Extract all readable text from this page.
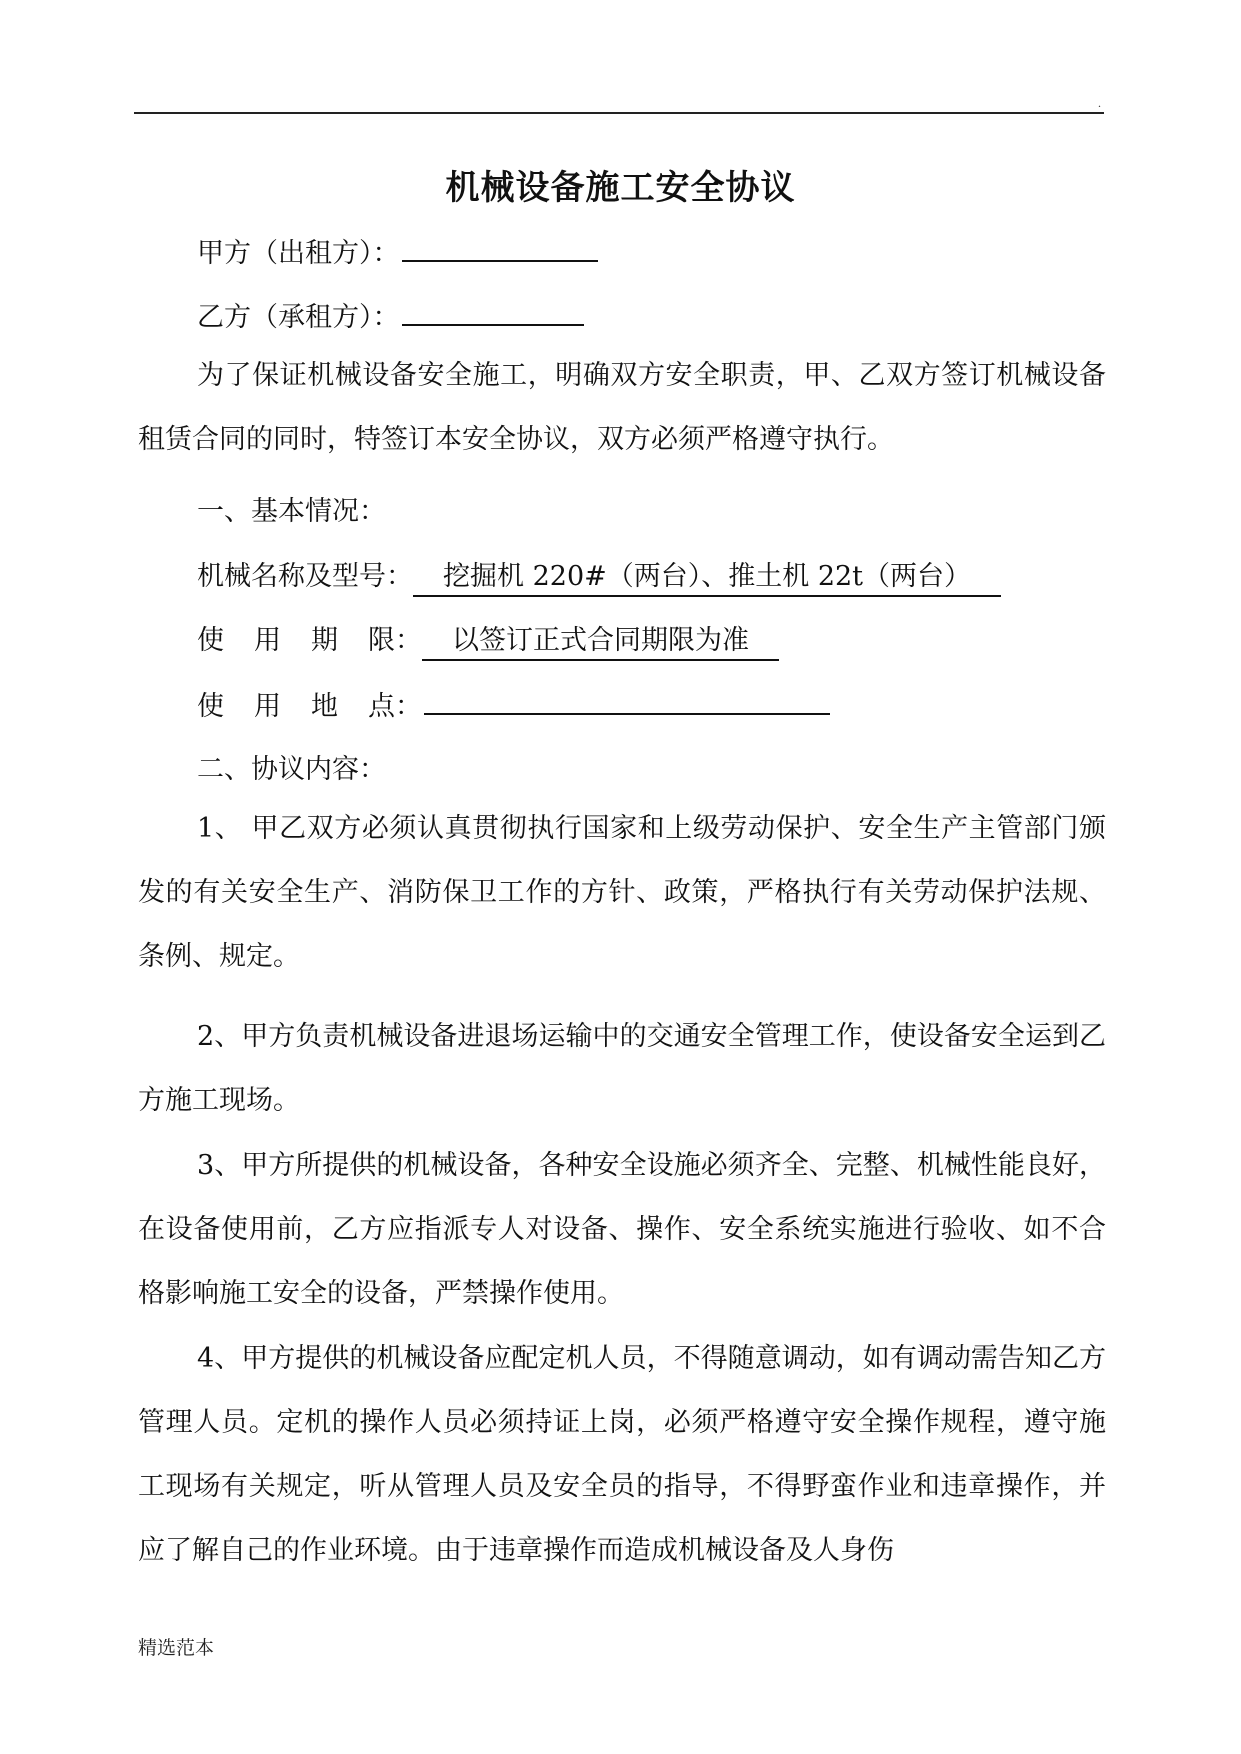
.
机械设备施工安全协议
甲方（出租方）：
乙方（承租方）：
为了保证机械设备安全施工，明确双方安全职责，甲、乙双方签订机械设备租赁合同的同时，特签订本安全协议，双方必须严格遵守执行。
一、基本情况：
机械名称及型号： 挖掘机 220#（两台）、推土机 22t（两台）
使 用 期 限： 以签订正式合同期限为准
使 用 地 点：
二、协议内容：
1、 甲乙双方必须认真贯彻执行国家和上级劳动保护、安全生产主管部门颁发的有关安全生产、消防保卫工作的方针、政策，严格执行有关劳动保护法规、条例、规定。
2、甲方负责机械设备进退场运输中的交通安全管理工作，使设备安全运到乙方施工现场。
3、甲方所提供的机械设备，各种安全设施必须齐全、完整、机械性能良好，在设备使用前，乙方应指派专人对设备、操作、安全系统实施进行验收、如不合格影响施工安全的设备，严禁操作使用。
4、甲方提供的机械设备应配定机人员，不得随意调动，如有调动需告知乙方管理人员。定机的操作人员必须持证上岗，必须严格遵守安全操作规程，遵守施工现场有关规定，听从管理人员及安全员的指导，不得野蛮作业和违章操作，并应了解自己的作业环境。由于违章操作而造成机械设备及人身伤
精选范本
